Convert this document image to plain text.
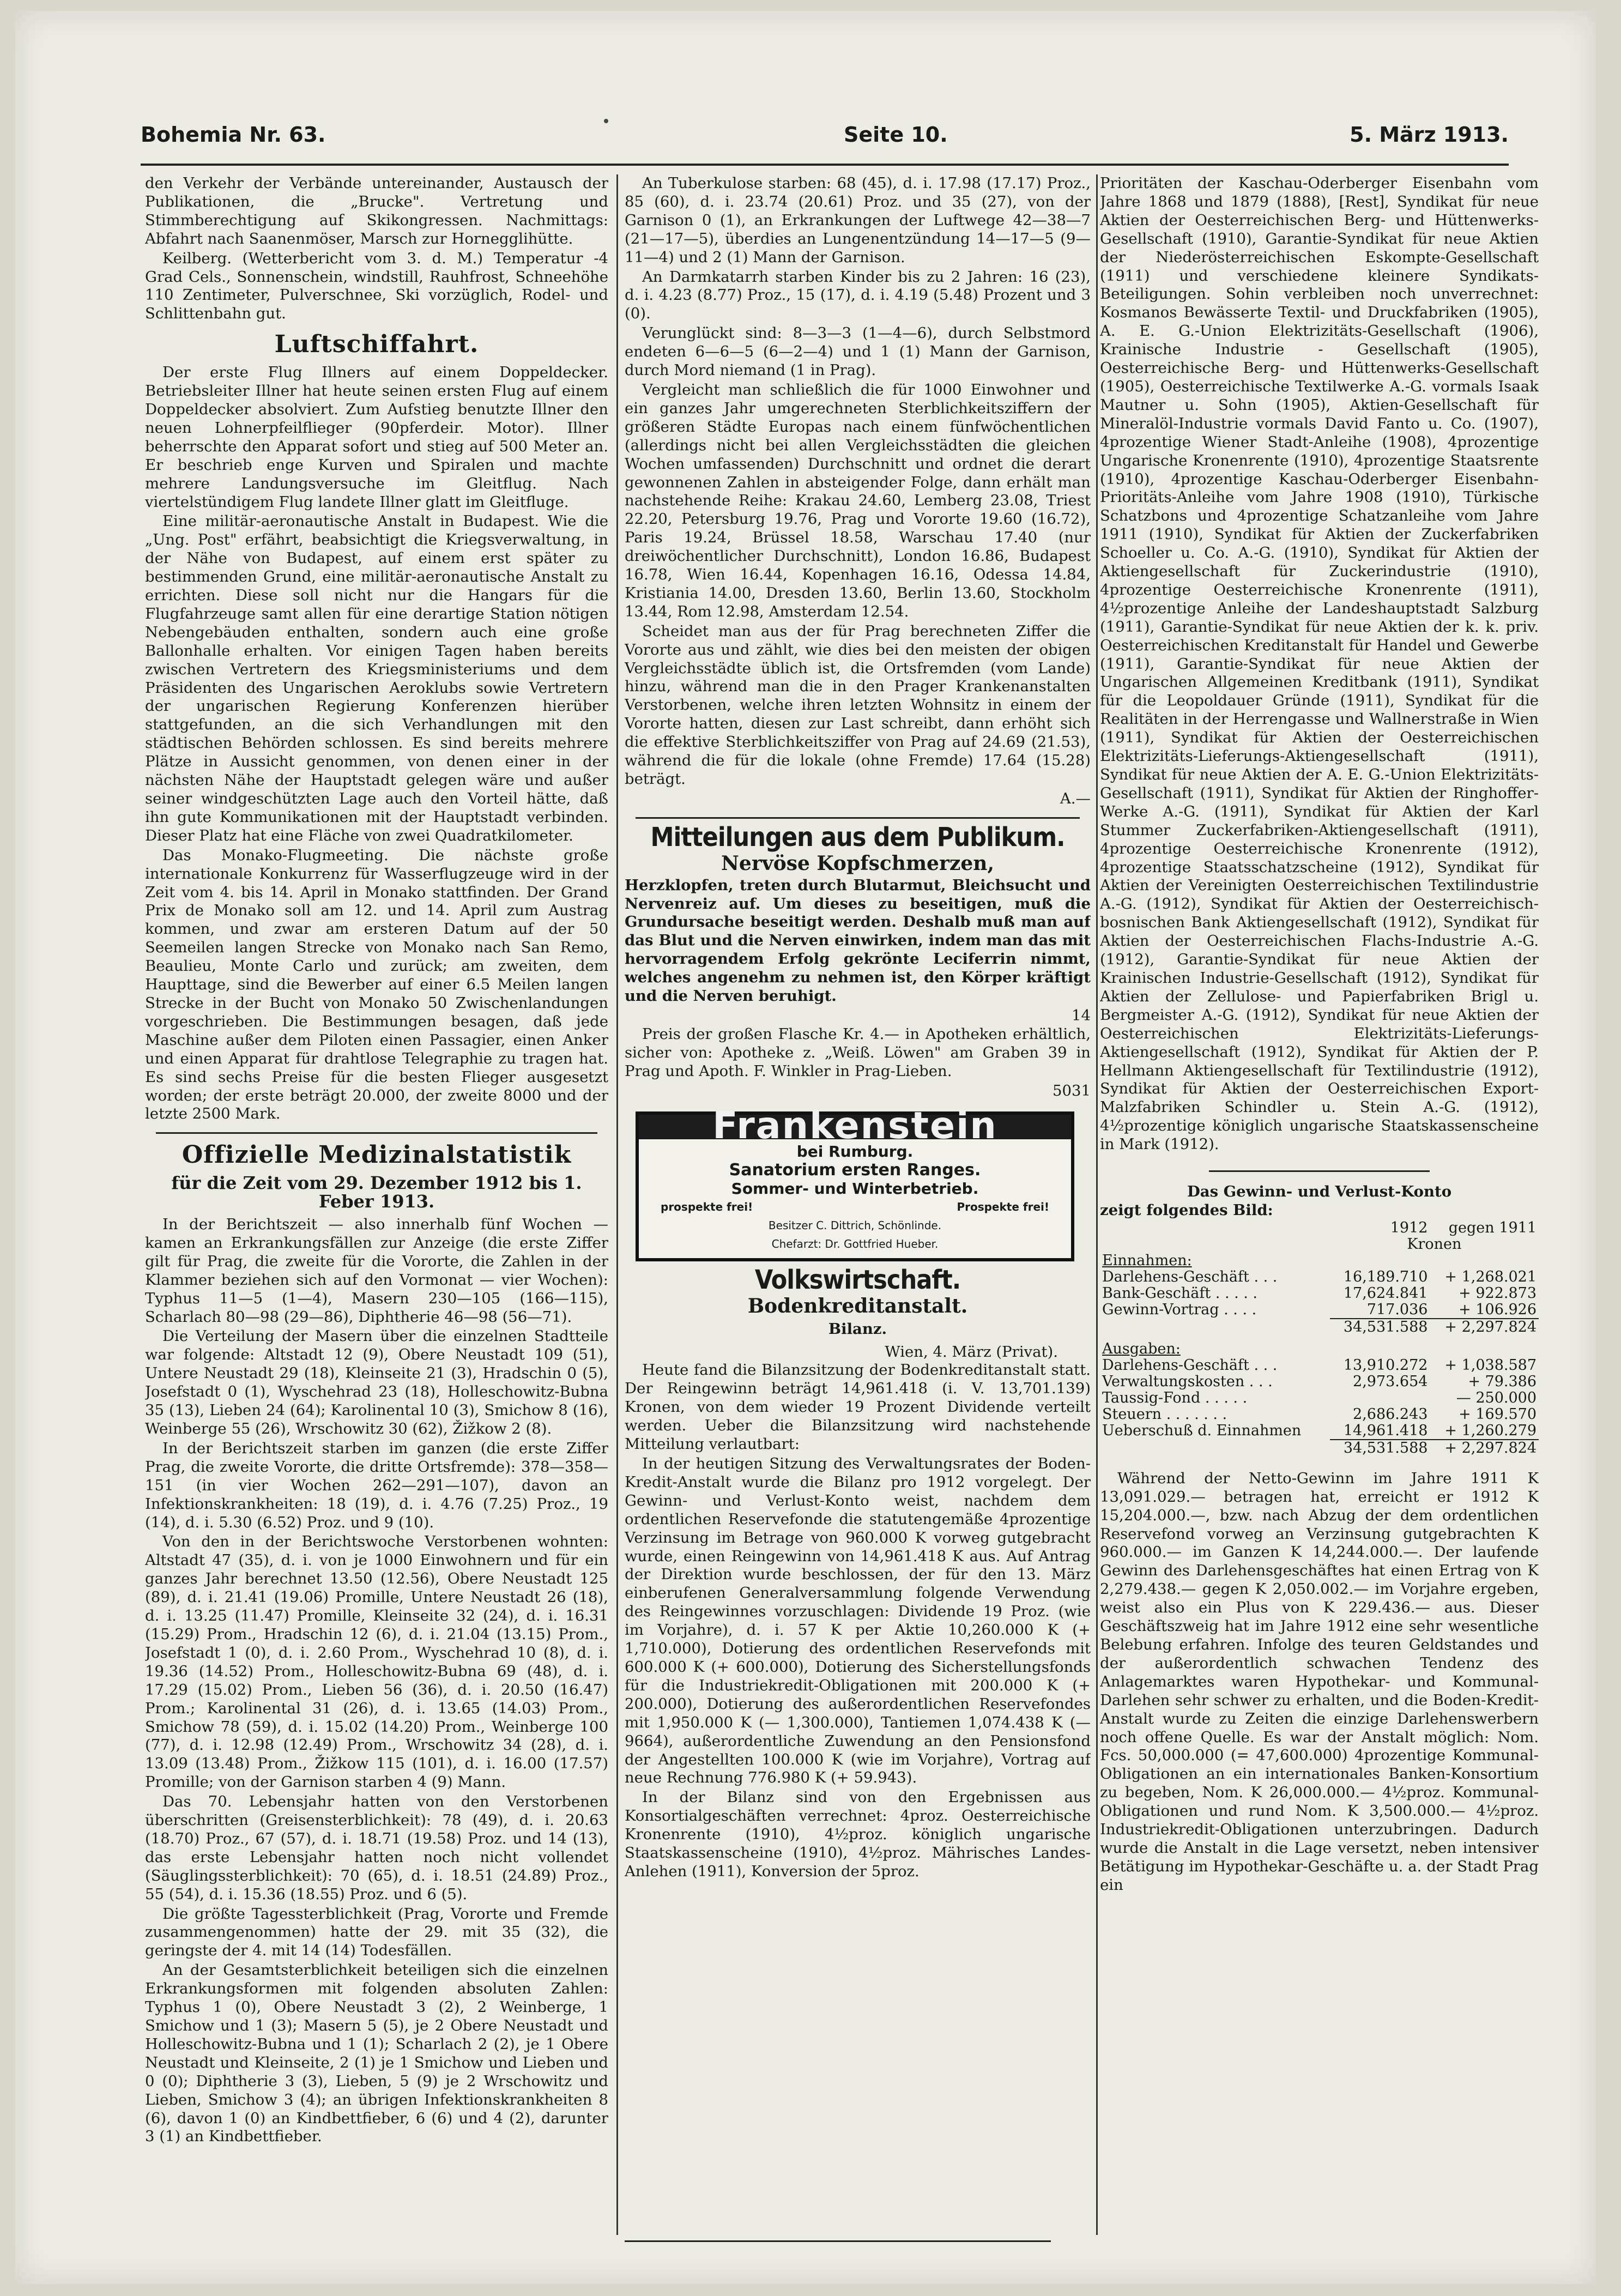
Bohemia Nr. 63.	Seite 10.	5. März 1913.

den Verkehr der Verbände untereinander, Austausch der Publikationen, die „Brucke". Vertretung und Stimmberechtigung auf Skikongressen. Nachmittags: Abfahrt nach Saanenmöser, Marsch zur Hornegglihütte.

Keilberg. (Wetterbericht vom 3. d. M.) Temperatur -4 Grad Cels., Sonnenschein, windstill, Rauhfrost, Schneehöhe 110 Zentimeter, Pulverschnee, Ski vorzüglich, Rodel- und Schlittenbahn gut.

Luftschiffahrt.

Der erste Flug Illners auf einem Doppeldecker. Betriebsleiter Illner hat heute seinen ersten Flug auf einem Doppeldecker absolviert. Zum Aufstieg benutzte Illner den neuen Lohnerpfeilflieger (90pferdeir. Motor). Illner beherrschte den Apparat sofort und stieg auf 500 Meter an. Er beschrieb enge Kurven und Spiralen und machte mehrere Landungsversuche im Gleitflug. Nach viertelstündigem Flug landete Illner glatt im Gleitfluge.

Eine militär-aeronautische Anstalt in Budapest. Wie die „Ung. Post" erfährt, beabsichtigt die Kriegsverwaltung, in der Nähe von Budapest, auf einem erst später zu bestimmenden Grund, eine militär-aeronautische Anstalt zu errichten. Diese soll nicht nur die Hangars für die Flugfahrzeuge samt allen für eine derartige Station nötigen Nebengebäuden enthalten, sondern auch eine große Ballonhalle erhalten. Vor einigen Tagen haben bereits zwischen Vertretern des Kriegsministeriums und dem Präsidenten des Ungarischen Aeroklubs sowie Vertretern der ungarischen Regierung Konferenzen hierüber stattgefunden, an die sich Verhandlungen mit den städtischen Behörden schlossen. Es sind bereits mehrere Plätze in Aussicht genommen, von denen einer in der nächsten Nähe der Hauptstadt gelegen wäre und außer seiner windgeschützten Lage auch den Vorteil hätte, daß ihn gute Kommunikationen mit der Hauptstadt verbinden. Dieser Platz hat eine Fläche von zwei Quadratkilometer.

Das Monako-Flugmeeting. Die nächste große internationale Konkurrenz für Wasserflugzeuge wird in der Zeit vom 4. bis 14. April in Monako stattfinden. Der Grand Prix de Monako soll am 12. und 14. April zum Austrag kommen, und zwar am ersteren Datum auf der 50 Seemeilen langen Strecke von Monako nach San Remo, Beaulieu, Monte Carlo und zurück; am zweiten, dem Haupttage, sind die Bewerber auf einer 6.5 Meilen langen Strecke in der Bucht von Monako 50 Zwischenlandungen vorgeschrieben. Die Bestimmungen besagen, daß jede Maschine außer dem Piloten einen Passagier, einen Anker und einen Apparat für drahtlose Telegraphie zu tragen hat. Es sind sechs Preise für die besten Flieger ausgesetzt worden; der erste beträgt 20.000, der zweite 8000 und der letzte 2500 Mark.

Offizielle Medizinalstatistik
für die Zeit vom 29. Dezember 1912 bis 1. Feber 1913.

In der Berichtszeit — also innerhalb fünf Wochen — kamen an Erkrankungsfällen zur Anzeige (die erste Ziffer gilt für Prag, die zweite für die Vororte, die Zahlen in der Klammer beziehen sich auf den Vormonat — vier Wochen): Typhus 11—5 (1—4), Masern 230—105 (166—115), Scharlach 80—98 (29—86), Diphtherie 46—98 (56—71).

Die Verteilung der Masern über die einzelnen Stadtteile war folgende: Altstadt 12 (9), Obere Neustadt 109 (51), Untere Neustadt 29 (18), Kleinseite 21 (3), Hradschin 0 (5), Josefstadt 0 (1), Wyschehrad 23 (18), Holleschowitz-Bubna 35 (13), Lieben 24 (64); Karolinental 10 (3), Smichow 8 (16), Weinberge 55 (26), Wrschowitz 30 (62), Žižkow 2 (8).

In der Berichtszeit starben im ganzen (die erste Ziffer Prag, die zweite Vororte, die dritte Ortsfremde): 378—358—151 (in vier Wochen 262—291—107), davon an Infektionskrankheiten: 18 (19), d. i. 4.76 (7.25) Proz., 19 (14), d. i. 5.30 (6.52) Proz. und 9 (10).

Von den in der Berichtswoche Verstorbenen wohnten: Altstadt 47 (35), d. i. von je 1000 Einwohnern und für ein ganzes Jahr berechnet 13.50 (12.56), Obere Neustadt 125 (89), d. i. 21.41 (19.06) Promille, Untere Neustadt 26 (18), d. i. 13.25 (11.47) Promille, Kleinseite 32 (24), d. i. 16.31 (15.29) Prom., Hradschin 12 (6), d. i. 21.04 (13.15) Prom., Josefstadt 1 (0), d. i. 2.60 Prom., Wyschehrad 10 (8), d. i. 19.36 (14.52) Prom., Holleschowitz-Bubna 69 (48), d. i. 17.29 (15.02) Prom., Lieben 56 (36), d. i. 20.50 (16.47) Prom.; Karolinental 31 (26), d. i. 13.65 (14.03) Prom., Smichow 78 (59), d. i. 15.02 (14.20) Prom., Weinberge 100 (77), d. i. 12.98 (12.49) Prom., Wrschowitz 34 (28), d. i. 13.09 (13.48) Prom., Žižkow 115 (101), d. i. 16.00 (17.57) Promille; von der Garnison starben 4 (9) Mann.

Das 70. Lebensjahr hatten von den Verstorbenen überschritten (Greisensterblichkeit): 78 (49), d. i. 20.63 (18.70) Proz., 67 (57), d. i. 18.71 (19.58) Proz. und 14 (13), das erste Lebensjahr hatten noch nicht vollendet (Säuglingssterblichkeit): 70 (65), d. i. 18.51 (24.89) Proz., 55 (54), d. i. 15.36 (18.55) Proz. und 6 (5).

Die größte Tagessterblichkeit (Prag, Vororte und Fremde zusammengenommen) hatte der 29. mit 35 (32), die geringste der 4. mit 14 (14) Todesfällen.

An der Gesamtsterblichkeit beteiligen sich die einzelnen Erkrankungsformen mit folgenden absoluten Zahlen: Typhus 1 (0), Obere Neustadt 3 (2), 2 Weinberge, 1 Smichow und 1 (3); Masern 5 (5), je 2 Obere Neustadt und Holleschowitz-Bubna und 1 (1); Scharlach 2 (2), je 1 Obere Neustadt und Kleinseite, 2 (1) je 1 Smichow und Lieben und 0 (0); Diphtherie 3 (3), Lieben, 5 (9) je 2 Wrschowitz und Lieben, Smichow 3 (4); an übrigen Infektionskrankheiten 8 (6), davon 1 (0) an Kindbettfieber, 6 (6) und 4 (2), darunter 3 (1) an Kindbettfieber.

An Tuberkulose starben: 68 (45), d. i. 17.98 (17.17) Proz., 85 (60), d. i. 23.74 (20.61) Proz. und 35 (27), von der Garnison 0 (1), an Erkrankungen der Luftwege 42—38—7 (21—17—5), überdies an Lungenentzündung 14—17—5 (9—11—4) und 2 (1) Mann der Garnison.

An Darmkatarrh starben Kinder bis zu 2 Jahren: 16 (23), d. i. 4.23 (8.77) Proz., 15 (17), d. i. 4.19 (5.48) Prozent und 3 (0).

Verunglückt sind: 8—3—3 (1—4—6), durch Selbstmord endeten 6—6—5 (6—2—4) und 1 (1) Mann der Garnison, durch Mord niemand (1 in Prag).

Vergleicht man schließlich die für 1000 Einwohner und ein ganzes Jahr umgerechneten Sterblichkeitsziffern der größeren Städte Europas nach einem fünfwöchentlichen (allerdings nicht bei allen Vergleichsstädten die gleichen Wochen umfassenden) Durchschnitt und ordnet die derart gewonnenen Zahlen in absteigender Folge, dann erhält man nachstehende Reihe: Krakau 24.60, Lemberg 23.08, Triest 22.20, Petersburg 19.76, Prag und Vororte 19.60 (16.72), Paris 19.24, Brüssel 18.58, Warschau 17.40 (nur dreiwöchentlicher Durchschnitt), London 16.86, Budapest 16.78, Wien 16.44, Kopenhagen 16.16, Odessa 14.84, Kristiania 14.00, Dresden 13.60, Berlin 13.60, Stockholm 13.44, Rom 12.98, Amsterdam 12.54.

Scheidet man aus der für Prag berechneten Ziffer die Vororte aus und zählt, wie dies bei den meisten der obigen Vergleichsstädte üblich ist, die Ortsfremden (vom Lande) hinzu, während man die in den Prager Krankenanstalten Verstorbenen, welche ihren letzten Wohnsitz in einem der Vororte hatten, diesen zur Last schreibt, dann erhöht sich die effektive Sterblichkeitsziffer von Prag auf 24.69 (21.53), während die für die lokale (ohne Fremde) 17.64 (15.28) beträgt.

A.—
Mitteilungen aus dem Publikum.
Nervöse Kopfschmerzen,

Herzklopfen, treten durch Blutarmut, Bleichsucht und Nervenreiz auf. Um dieses zu beseitigen, muß die Grundursache beseitigt werden. Deshalb muß man auf das Blut und die Nerven einwirken, indem man das mit hervorragendem Erfolg gekrönte Leciferrin nimmt, welches angenehm zu nehmen ist, den Körper kräftigt und die Nerven beruhigt.

14

Preis der großen Flasche Kr. 4.— in Apotheken erhältlich, sicher von: Apotheke z. „Weiß. Löwen" am Graben 39 in Prag und Apoth. F. Winkler in Prag-Lieben.

5031
Frankenstein
bei Rumburg.
Sanatorium ersten Ranges.
Sommer- und Winterbetrieb.
prospekte frei!	Prospekte frei!
Besitzer C. Dittrich, Schönlinde.
Chefarzt: Dr. Gottfried Hueber.
Volkswirtschaft.
Bodenkreditanstalt.
Bilanz.
Wien, 4. März (Privat).

Heute fand die Bilanzsitzung der Bodenkreditanstalt statt. Der Reingewinn beträgt 14,961.418 (i. V. 13,701.139) Kronen, von dem wieder 19 Prozent Dividende verteilt werden. Ueber die Bilanzsitzung wird nachstehende Mitteilung verlautbart:

In der heutigen Sitzung des Verwaltungsrates der Boden-Kredit-Anstalt wurde die Bilanz pro 1912 vorgelegt. Der Gewinn- und Verlust-Konto weist, nachdem dem ordentlichen Reservefonde die statutengemäße 4prozentige Verzinsung im Betrage von 960.000 K vorweg gutgebracht wurde, einen Reingewinn von 14,961.418 K aus. Auf Antrag der Direktion wurde beschlossen, der für den 13. März einberufenen Generalversammlung folgende Verwendung des Reingewinnes vorzuschlagen: Dividende 19 Proz. (wie im Vorjahre), d. i. 57 K per Aktie 10,260.000 K (+ 1,710.000), Dotierung des ordentlichen Reservefonds mit 600.000 K (+ 600.000), Dotierung des Sicherstellungsfonds für die Industriekredit-Obligationen mit 200.000 K (+ 200.000), Dotierung des außerordentlichen Reservefondes mit 1,950.000 K (— 1,300.000), Tantiemen 1,074.438 K (— 9664), außerordentliche Zuwendung an den Pensionsfond der Angestellten 100.000 K (wie im Vorjahre), Vortrag auf neue Rechnung 776.980 K (+ 59.943).

In der Bilanz sind von den Ergebnissen aus Konsortialgeschäften verrechnet: 4proz. Oesterreichische Kronenrente (1910), 4½proz. königlich ungarische Staatskassenscheine (1910), 4½proz. Mährisches Landes-Anlehen (1911), Konversion der 5proz.

Prioritäten der Kaschau-Oderberger Eisenbahn vom Jahre 1868 und 1879 (1888), [Rest], Syndikat für neue Aktien der Oesterreichischen Berg- und Hüttenwerks-Gesellschaft (1910), Garantie-Syndikat für neue Aktien der Niederösterreichischen Eskompte-Gesellschaft (1911) und verschiedene kleinere Syndikats-Beteiligungen. Sohin verbleiben noch unverrechnet: Kosmanos Bewässerte Textil- und Druckfabriken (1905), A. E. G.-Union Elektrizitäts-Gesellschaft (1906), Krainische Industrie - Gesellschaft (1905), Oesterreichische Berg- und Hüttenwerks-Gesellschaft (1905), Oesterreichische Textilwerke A.-G. vormals Isaak Mautner u. Sohn (1905), Aktien-Gesellschaft für Mineralöl-Industrie vormals David Fanto u. Co. (1907), 4prozentige Wiener Stadt-Anleihe (1908), 4prozentige Ungarische Kronenrente (1910), 4prozentige Staatsrente (1910), 4prozentige Kaschau-Oderberger Eisenbahn-Prioritäts-Anleihe vom Jahre 1908 (1910), Türkische Schatzbons und 4prozentige Schatzanleihe vom Jahre 1911 (1910), Syndikat für Aktien der Zuckerfabriken Schoeller u. Co. A.-G. (1910), Syndikat für Aktien der Aktiengesellschaft für Zuckerindustrie (1910), 4prozentige Oesterreichische Kronenrente (1911), 4½prozentige Anleihe der Landeshauptstadt Salzburg (1911), Garantie-Syndikat für neue Aktien der k. k. priv. Oesterreichischen Kreditanstalt für Handel und Gewerbe (1911), Garantie-Syndikat für neue Aktien der Ungarischen Allgemeinen Kreditbank (1911), Syndikat für die Leopoldauer Gründe (1911), Syndikat für die Realitäten in der Herrengasse und Wallnerstraße in Wien (1911), Syndikat für Aktien der Oesterreichischen Elektrizitäts-Lieferungs-Aktiengesellschaft (1911), Syndikat für neue Aktien der A. E. G.-Union Elektrizitäts-Gesellschaft (1911), Syndikat für Aktien der Ringhoffer-Werke A.-G. (1911), Syndikat für Aktien der Karl Stummer Zuckerfabriken-Aktiengesellschaft (1911), 4prozentige Oesterreichische Kronenrente (1912), 4prozentige Staatsschatzscheine (1912), Syndikat für Aktien der Vereinigten Oesterreichischen Textilindustrie A.-G. (1912), Syndikat für Aktien der Oesterreichisch-bosnischen Bank Aktiengesellschaft (1912), Syndikat für Aktien der Oesterreichischen Flachs-Industrie A.-G. (1912), Garantie-Syndikat für neue Aktien der Krainischen Industrie-Gesellschaft (1912), Syndikat für Aktien der Zellulose- und Papierfabriken Brigl u. Bergmeister A.-G. (1912), Syndikat für neue Aktien der Oesterreichischen Elektrizitäts-Lieferungs-Aktiengesellschaft (1912), Syndikat für Aktien der P. Hellmann Aktiengesellschaft für Textilindustrie (1912), Syndikat für Aktien der Oesterreichischen Export-Malzfabriken Schindler u. Stein A.-G. (1912), 4½prozentige königlich ungarische Staatskassenscheine in Mark (1912).

Das Gewinn- und Verlust-Konto
zeigt folgendes Bild:
	1912	gegen 1911
	Kronen	
Einnahmen:		
Darlehens-Geschäft . . .	16,189.710	+ 1,268.021
Bank-Geschäft . . . . .	17,624.841	+ 922.873
Gewinn-Vortrag . . . .	717.036	+ 106.926
	34,531.588	+ 2,297.824
Ausgaben:		
Darlehens-Geschäft . . .	13,910.272	+ 1,038.587
Verwaltungskosten . . .	2,973.654	+ 79.386
Taussig-Fond . . . . .		— 250.000
Steuern . . . . . . .	2,686.243	+ 169.570
Ueberschuß d. Einnahmen	14,961.418	+ 1,260.279
	34,531.588	+ 2,297.824

Während der Netto-Gewinn im Jahre 1911 K 13,091.029.— betragen hat, erreicht er 1912 K 15,204.000.—, bzw. nach Abzug der dem ordentlichen Reservefond vorweg an Verzinsung gutgebrachten K 960.000.— im Ganzen K 14,244.000.—. Der laufende Gewinn des Darlehensgeschäftes hat einen Ertrag von K 2,279.438.— gegen K 2,050.002.— im Vorjahre ergeben, weist also ein Plus von K 229.436.— aus. Dieser Geschäftszweig hat im Jahre 1912 eine sehr wesentliche Belebung erfahren. Infolge des teuren Geldstandes und der außerordentlich schwachen Tendenz des Anlagemarktes waren Hypothekar- und Kommunal-Darlehen sehr schwer zu erhalten, und die Boden-Kredit-Anstalt wurde zu Zeiten die einzige Darlehenswerbern noch offene Quelle. Es war der Anstalt möglich: Nom. Fcs. 50,000.000 (= 47,600.000) 4prozentige Kommunal-Obligationen an ein internationales Banken-Konsortium zu begeben, Nom. K 26,000.000.— 4½proz. Kommunal-Obligationen und rund Nom. K 3,500.000.— 4½proz. Industriekredit-Obligationen unterzubringen. Dadurch wurde die Anstalt in die Lage versetzt, neben intensiver Betätigung im Hypothekar-Geschäfte u. a. der Stadt Prag ein
